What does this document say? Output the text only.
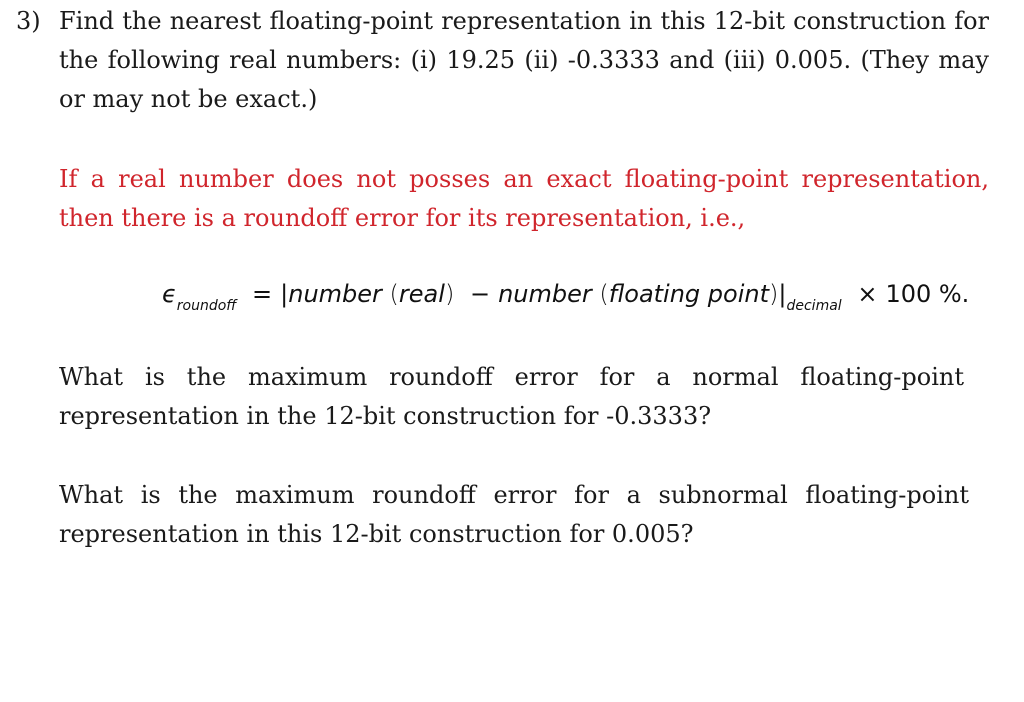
3) Find the nearest floating-point representation in this 12-bit construction for the following real numbers: (i) 19.25 (ii) -0.3333 and (iii) 0.005. (They may or may not be exact.)

If a real number does not posses an exact floating-point representation, then there is a roundoff error for its representation, i.e.,

$\epsilon_{roundoff}$ = |number (real) − number (floating $point)|_{decimal} \times 100$ %.

What is the maximum roundoff error for a normal floating-point representation in the 12-bit construction for -0.3333?

What is the maximum roundoff error for a subnormal floating-point representation in this 12-bit construction for 0.005?
